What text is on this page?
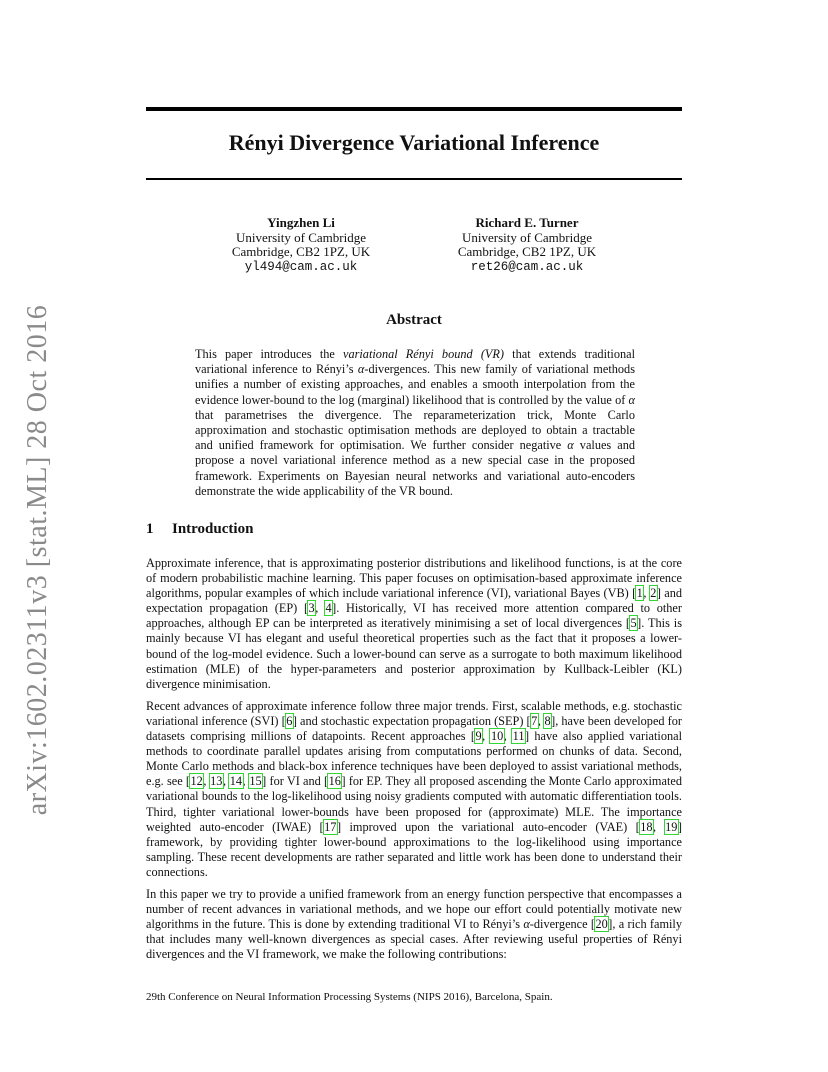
arXiv:1602.02311v3 [stat.ML] 28 Oct 2016
Rényi Divergence Variational Inference
Yingzhen Li
University of Cambridge
Cambridge, CB2 1PZ, UK
yl494@cam.ac.uk
Richard E. Turner
University of Cambridge
Cambridge, CB2 1PZ, UK
ret26@cam.ac.uk
Abstract

This paper introduces the variational Rényi bound (VR) that extends traditional variational inference to Rényi’s α-divergences. This new family of variational methods unifies a number of existing approaches, and enables a smooth interpolation from the evidence lower-bound to the log (marginal) likelihood that is controlled by the value of α that parametrises the divergence. The reparameterization trick, Monte Carlo approximation and stochastic optimisation methods are deployed to obtain a tractable and unified framework for optimisation. We further consider negative α values and propose a novel variational inference method as a new special case in the proposed framework. Experiments on Bayesian neural networks and variational auto-encoders demonstrate the wide applicability of the VR bound.

1 Introduction

Approximate inference, that is approximating posterior distributions and likelihood functions, is at the core of modern probabilistic machine learning. This paper focuses on optimisation-based approximate inference algorithms, popular examples of which include variational inference (VI), variational Bayes (VB) [1, 2] and expectation propagation (EP) [3, 4]. Historically, VI has received more attention compared to other approaches, although EP can be interpreted as iteratively minimising a set of local divergences [5]. This is mainly because VI has elegant and useful theoretical properties such as the fact that it proposes a lower-bound of the log-model evidence. Such a lower-bound can serve as a surrogate to both maximum likelihood estimation (MLE) of the hyper-parameters and posterior approximation by Kullback-Leibler (KL) divergence minimisation.

Recent advances of approximate inference follow three major trends. First, scalable methods, e.g. stochastic variational inference (SVI) [6] and stochastic expectation propagation (SEP) [7, 8], have been developed for datasets comprising millions of datapoints. Recent approaches [9, 10, 11] have also applied variational methods to coordinate parallel updates arising from computations performed on chunks of data. Second, Monte Carlo methods and black-box inference techniques have been deployed to assist variational methods, e.g. see [12, 13, 14, 15] for VI and [16] for EP. They all proposed ascending the Monte Carlo approximated variational bounds to the log-likelihood using noisy gradients computed with automatic differentiation tools. Third, tighter variational lower-bounds have been proposed for (approximate) MLE. The importance weighted auto-encoder (IWAE) [17] improved upon the variational auto-encoder (VAE) [18, 19] framework, by providing tighter lower-bound approximations to the log-likelihood using importance sampling. These recent developments are rather separated and little work has been done to understand their connections.

In this paper we try to provide a unified framework from an energy function perspective that encompasses a number of recent advances in variational methods, and we hope our effort could potentially motivate new algorithms in the future. This is done by extending traditional VI to Rényi’s α-divergence [20], a rich family that includes many well-known divergences as special cases. After reviewing useful properties of Rényi divergences and the VI framework, we make the following contributions:

29th Conference on Neural Information Processing Systems (NIPS 2016), Barcelona, Spain.
